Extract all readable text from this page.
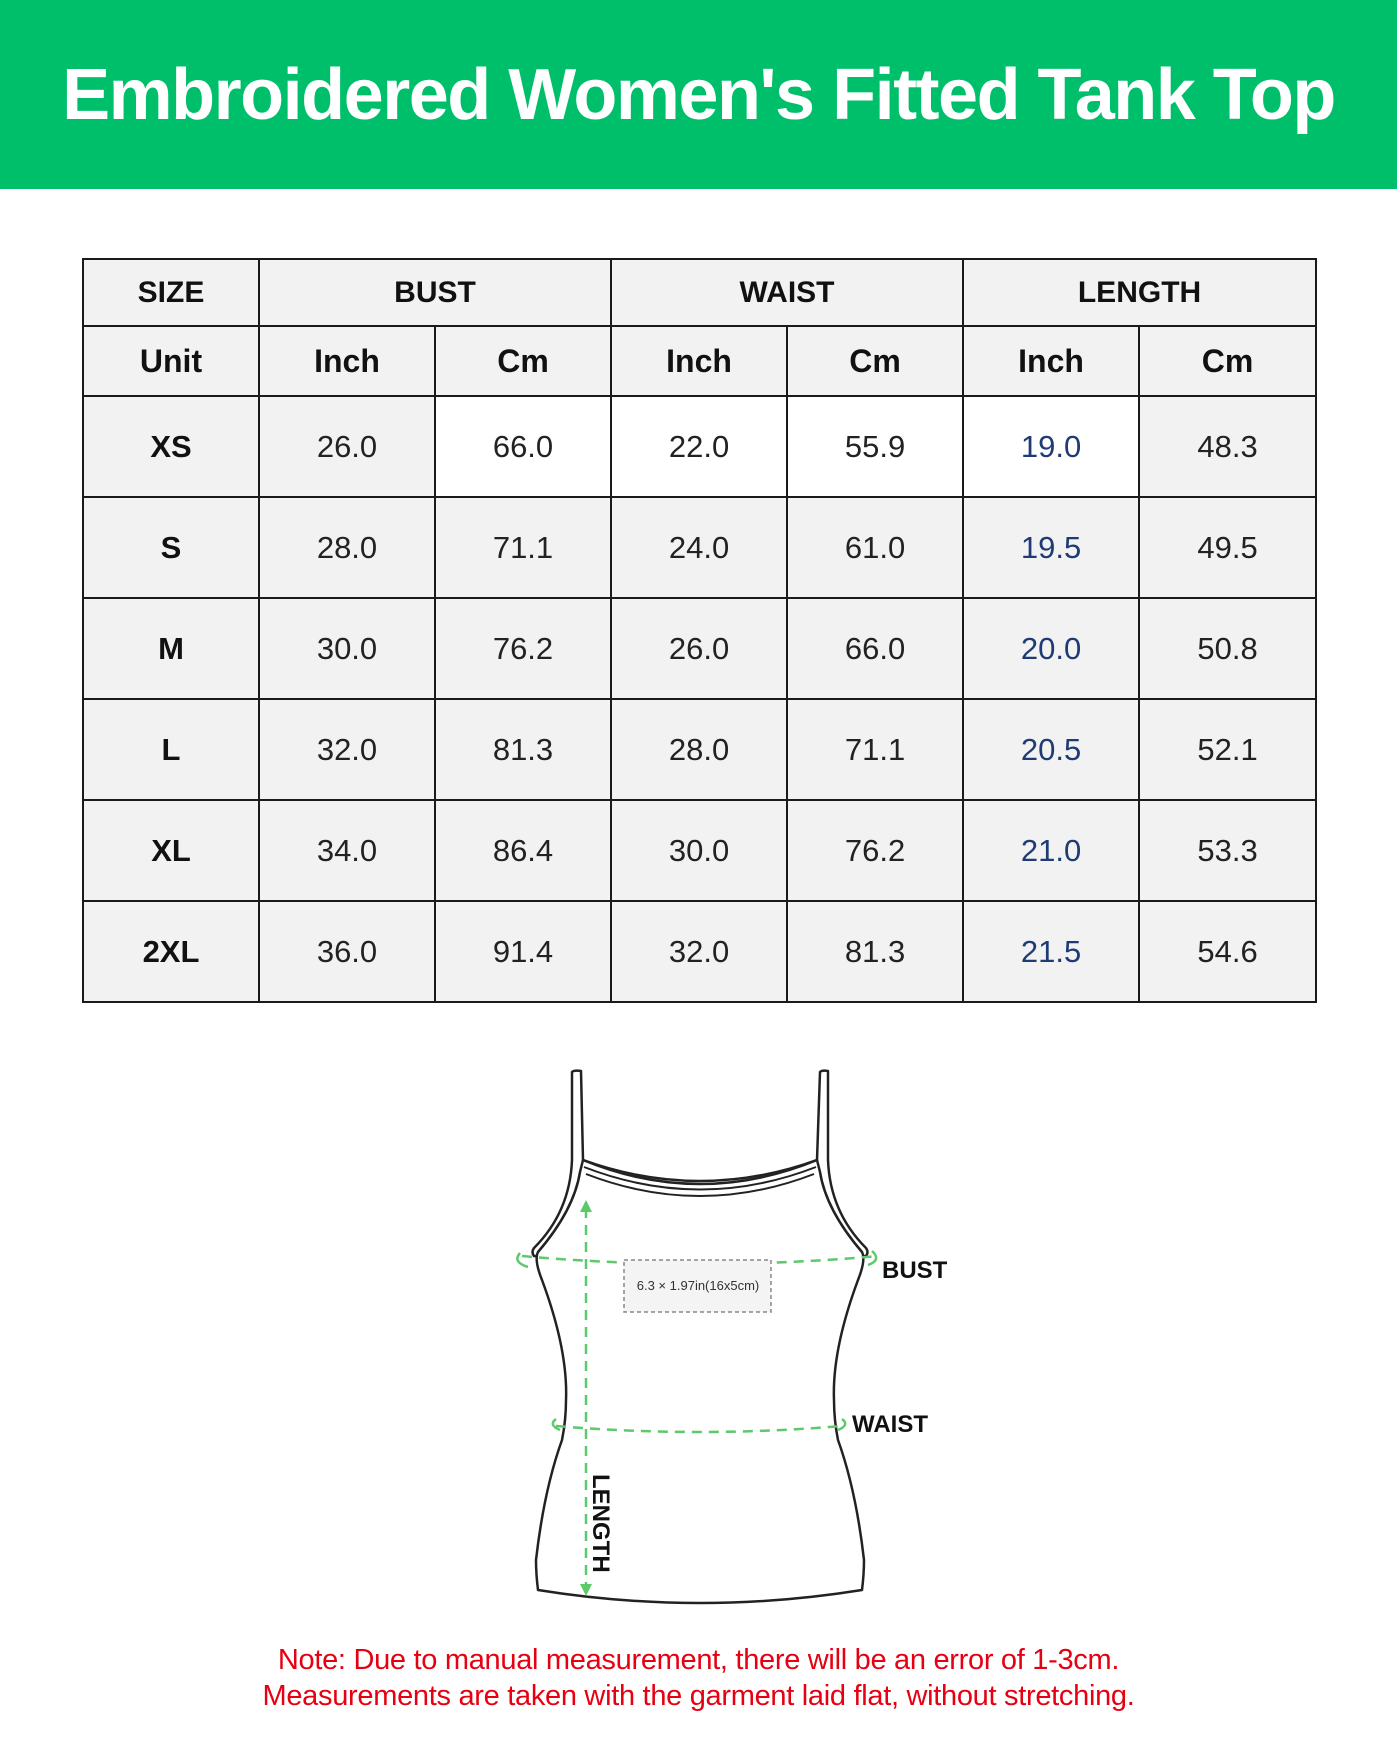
Embroidered Women's Fitted Tank Top
SIZE	BUST		WAIST		LENGTH	
Unit	Inch	Cm	Inch	Cm	Inch	Cm
XS	26.0	66.0	22.0	55.9	19.0	48.3
S	28.0	71.1	24.0	61.0	19.5	49.5
M	30.0	76.2	26.0	66.0	20.0	50.8
L	32.0	81.3	28.0	71.1	20.5	52.1
XL	34.0	86.4	30.0	76.2	21.0	53.3
2XL	36.0	91.4	32.0	81.3	21.5	54.6
6.3 × 1.97in(16x5cm)
BUST
WAIST
LENGTH
Note: Due to manual measurement, there will be an error of 1-3cm.
Measurements are taken with the garment laid flat, without stretching.
